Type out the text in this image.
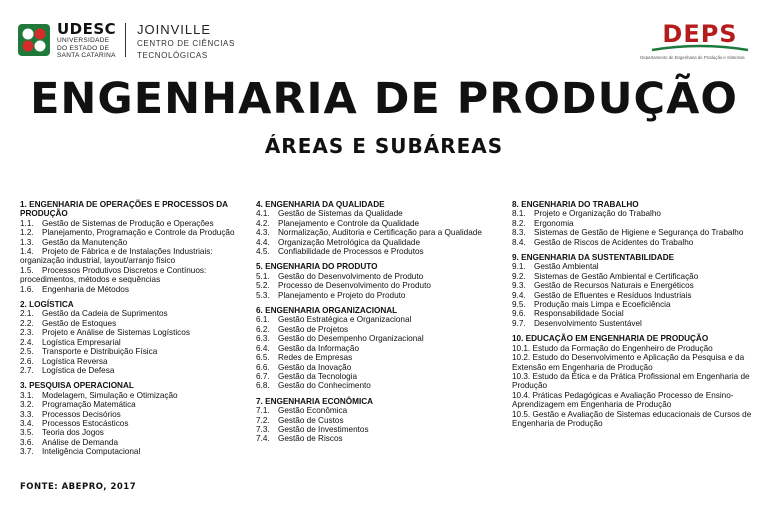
UDESC
UNIVERSIDADE
DO ESTADO DE
SANTA CATARINA
JOINVILLE
CENTRO DE CIÊNCIAS
TECNOLÓGICAS
DEPS
Departamento de Engenharia de Produção e Sistemas
ENGENHARIA DE PRODUÇÃO
ÁREAS E SUBÁREAS
1. ENGENHARIA DE OPERAÇÕES E PROCESSOS DA PRODUÇÃO
1.1. Gestão de Sistemas de Produção e Operações
1.2. Planejamento, Programação e Controle da Produção
1.3. Gestão da Manutenção
1.4. Projeto de Fábrica e de Instalações Industriais: organização industrial, layout/arranjo físico
1.5. Processos Produtivos Discretos e Contínuos: procedimentos, métodos e sequências
1.6. Engenharia de Métodos
2. LOGÍSTICA
2.1. Gestão da Cadeia de Suprimentos
2.2. Gestão de Estoques
2.3. Projeto e Análise de Sistemas Logísticos
2.4. Logística Empresarial
2.5. Transporte e Distribuição Física
2.6. Logística Reversa
2.7. Logística de Defesa
3. PESQUISA OPERACIONAL
3.1. Modelagem, Simulação e Otimização
3.2. Programação Matemática
3.3. Processos Decisórios
3.4. Processos Estocásticos
3.5. Teoria dos Jogos
3.6. Análise de Demanda
3.7. Inteligência Computacional
4. ENGENHARIA DA QUALIDADE
4.1. Gestão de Sistemas da Qualidade
4.2. Planejamento e Controle da Qualidade
4.3. Normalização, Auditoria e Certificação para a Qualidade
4.4. Organização Metrológica da Qualidade
4.5. Confiabilidade de Processos e Produtos
5. ENGENHARIA DO PRODUTO
5.1. Gestão do Desenvolvimento de Produto
5.2. Processo de Desenvolvimento do Produto
5.3. Planejamento e Projeto do Produto
6. ENGENHARIA ORGANIZACIONAL
6.1. Gestão Estratégica e Organizacional
6.2. Gestão de Projetos
6.3. Gestão do Desempenho Organizacional
6.4. Gestão da Informação
6.5. Redes de Empresas
6.6. Gestão da Inovação
6.7. Gestão da Tecnologia
6.8. Gestão do Conhecimento
7. ENGENHARIA ECONÔMICA
7.1. Gestão Econômica
7.2. Gestão de Custos
7.3. Gestão de Investimentos
7.4. Gestão de Riscos
8. ENGENHARIA DO TRABALHO
8.1. Projeto e Organização do Trabalho
8.2. Ergonomia
8.3. Sistemas de Gestão de Higiene e Segurança do Trabalho
8.4. Gestão de Riscos de Acidentes do Trabalho
9. ENGENHARIA DA SUSTENTABILIDADE
9.1. Gestão Ambiental
9.2. Sistemas de Gestão Ambiental e Certificação
9.3. Gestão de Recursos Naturais e Energéticos
9.4. Gestão de Efluentes e Resíduos Industriais
9.5. Produção mais Limpa e Ecoeficiência
9.6. Responsabilidade Social
9.7. Desenvolvimento Sustentável
10. EDUCAÇÃO EM ENGENHARIA DE PRODUÇÃO
10.1. Estudo da Formação do Engenheiro de Produção
10.2. Estudo do Desenvolvimento e Aplicação da Pesquisa e da Extensão em Engenharia de Produção
10.3. Estudo da Ética e da Prática Profissional em Engenharia de Produção
10.4. Práticas Pedagógicas e Avaliação Processo de Ensino-Aprendizagem em Engenharia de Produção
10.5. Gestão e Avaliação de Sistemas educacionais de Cursos de Engenharia de Produção
FONTE: ABEPRO, 2017
